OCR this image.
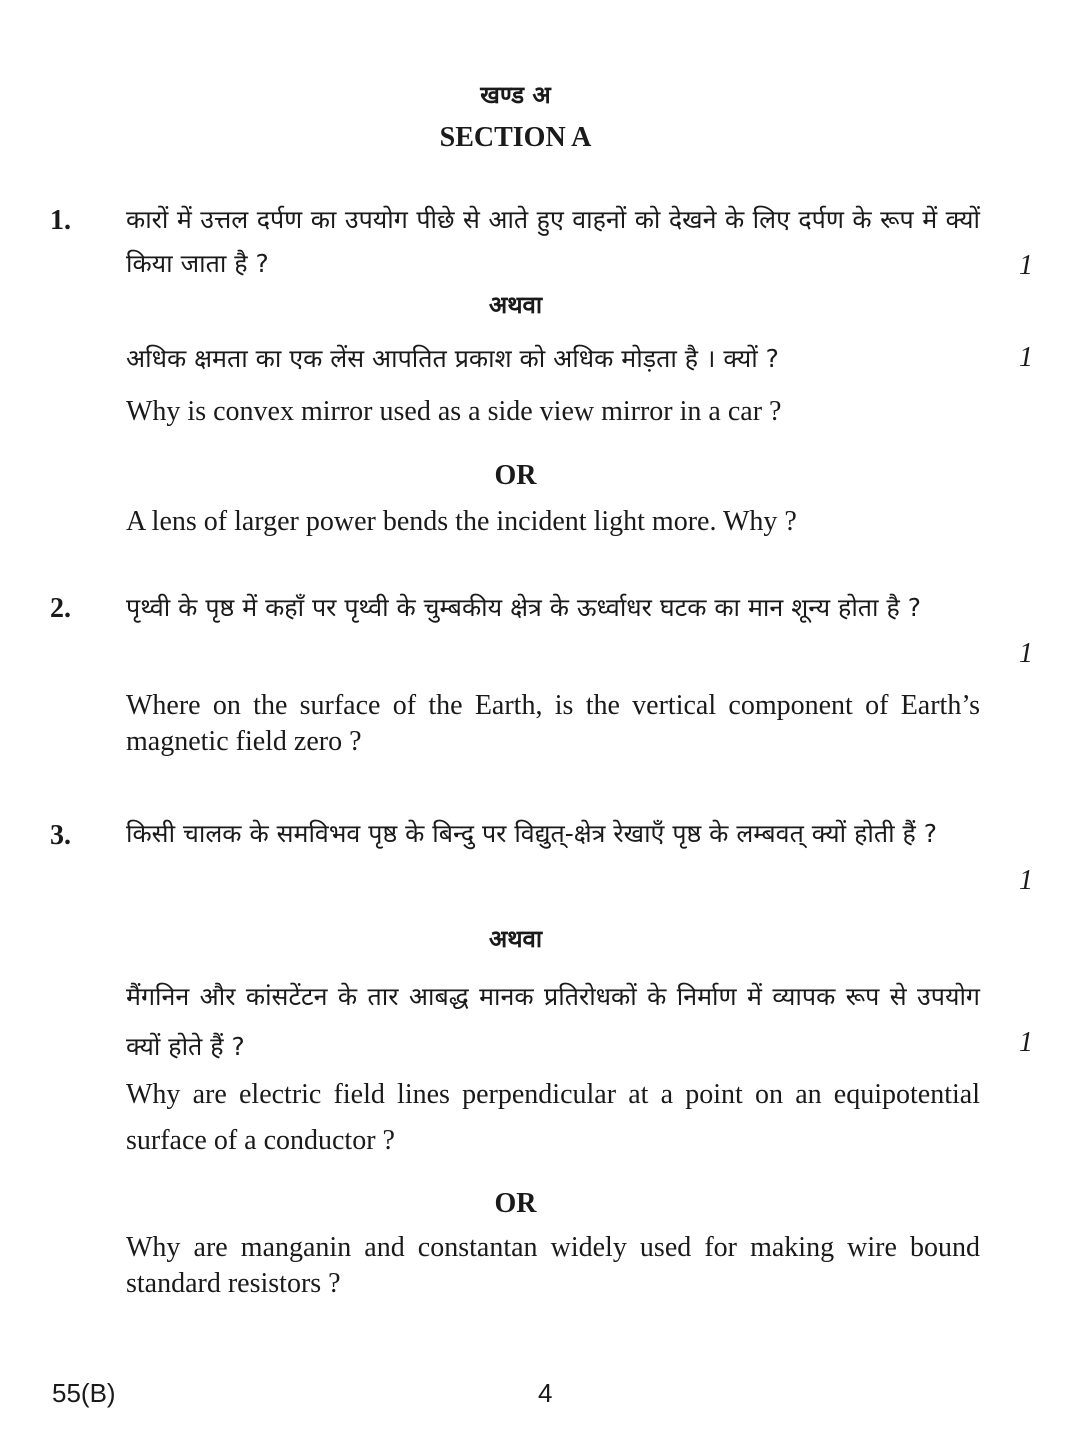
खण्ड अ
SECTION A
1. कारों में उत्तल दर्पण का उपयोग पीछे से आते हुए वाहनों को देखने के लिए दर्पण के रूप में क्यों किया जाता है ?	1
अथवा
अधिक क्षमता का एक लेंस आपतित प्रकाश को अधिक मोड़ता है । क्यों ?	1
Why is convex mirror used as a side view mirror in a car ?
OR
A lens of larger power bends the incident light more. Why ?
2. पृथ्वी के पृष्ठ में कहाँ पर पृथ्वी के चुम्बकीय क्षेत्र के ऊर्ध्वाधर घटक का मान शून्य होता है ?
1
Where on the surface of the Earth, is the vertical component of Earth’s magnetic field zero ?
3. किसी चालक के समविभव पृष्ठ के बिन्दु पर विद्युत्-क्षेत्र रेखाएँ पृष्ठ के लम्बवत् क्यों होती हैं ?
1
अथवा
मैंगनिन और कांसटेंटन के तार आबद्ध मानक प्रतिरोधकों के निर्माण में व्यापक रूप से उपयोग क्यों होते हैं ?	1
Why are electric field lines perpendicular at a point on an equipotential surface of a conductor ?
OR
Why are manganin and constantan widely used for making wire bound standard resistors ?
55(B)	4
